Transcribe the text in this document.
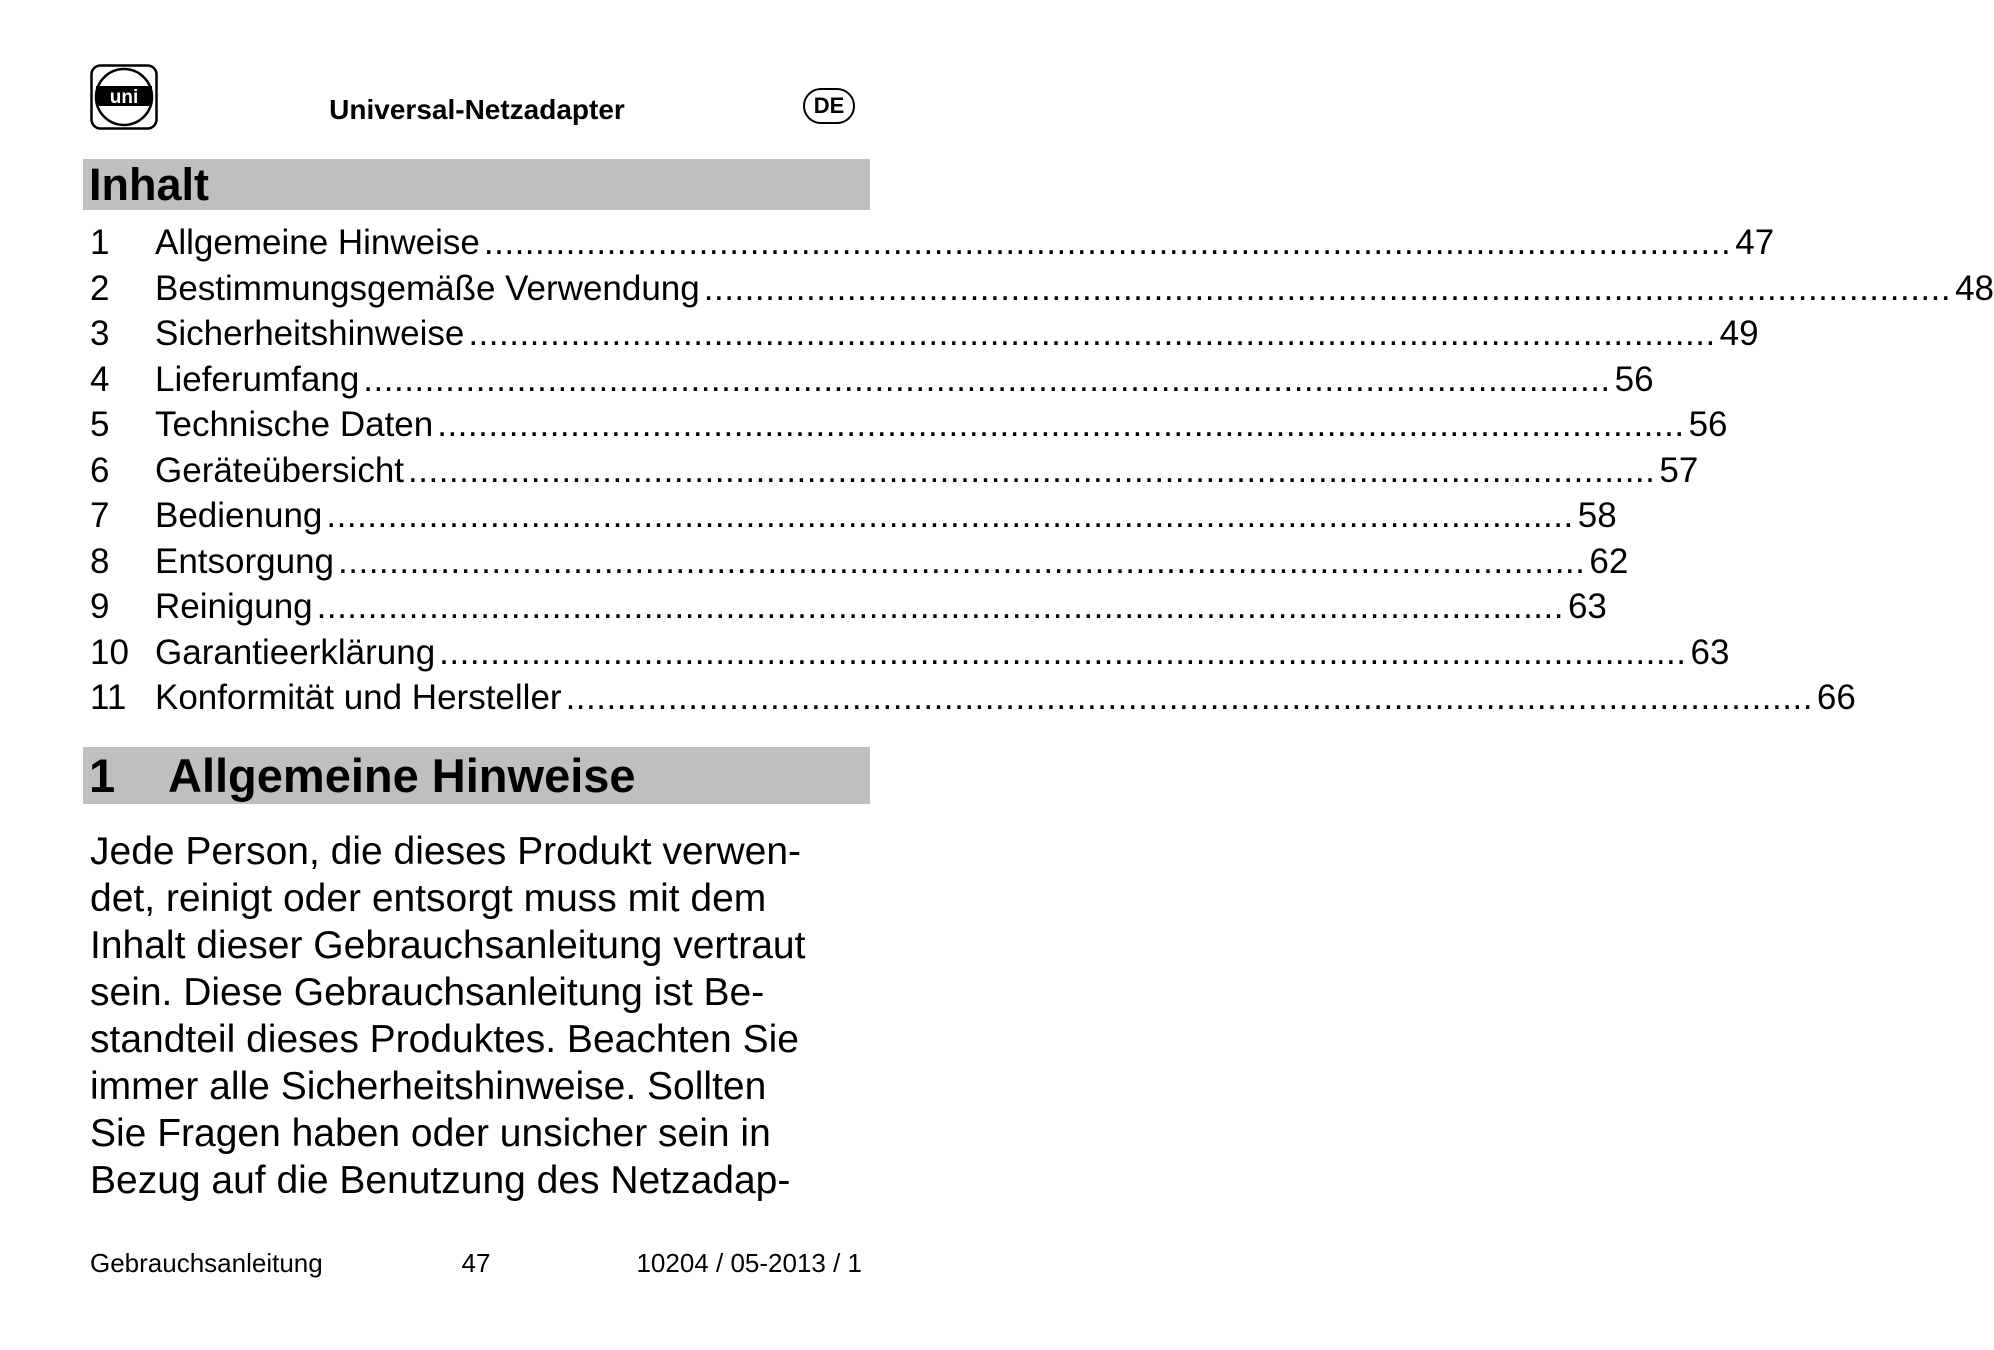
uni	Universal-Netzadapter	DE
Inhalt
1	Allgemeine Hinweise .......................................................................................................................... 47
2	Bestimmungsgemäße Verwendung .......................................................................................................................... 48
3	Sicherheitshinweise .......................................................................................................................... 49
4	Lieferumfang .......................................................................................................................... 56
5	Technische Daten .......................................................................................................................... 56
6	Geräteübersicht .......................................................................................................................... 57
7	Bedienung .......................................................................................................................... 58
8	Entsorgung .......................................................................................................................... 62
9	Reinigung .......................................................................................................................... 63
10 Garantieerklärung .......................................................................................................................... 63
11 Konformität und Hersteller .......................................................................................................................... 66
1 Allgemeine Hinweise
Jede Person, die dieses Produkt verwen-
det, reinigt oder entsorgt muss mit dem
Inhalt dieser Gebrauchsanleitung vertraut
sein. Diese Gebrauchsanleitung ist Be-
standteil dieses Produktes. Beachten Sie
immer alle Sicherheitshinweise. Sollten
Sie Fragen haben oder unsicher sein in
Bezug auf die Benutzung des Netzadap-
Gebrauchsanleitung	47	10204 / 05-2013 / 1
